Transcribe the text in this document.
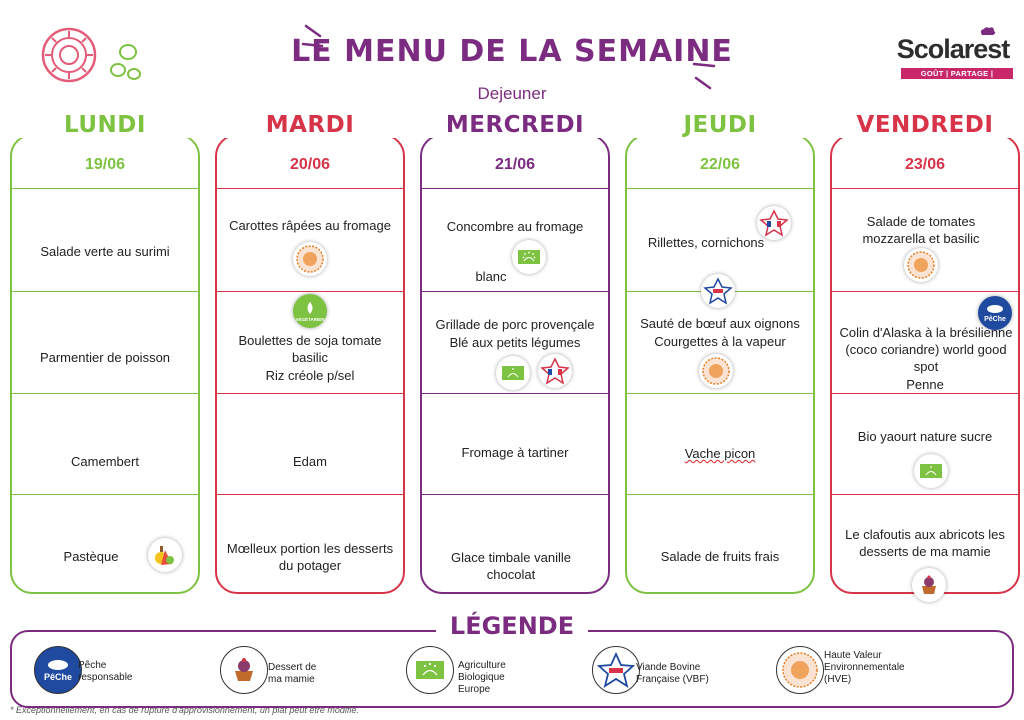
LE MENU DE LA SEMAINE
Dejeuner
Scolarest
GOÛT | PARTAGE | PROXIMITÉ
19/06
Salade verte au surimi
Parmentier de poisson
Camembert
Pastèque
LUNDI
20/06
Carottes râpées au fromage
VÉGÉTARIEN
Boulettes de soja tomate basilic
Riz créole p/sel
Edam
Mœlleux portion les desserts du potager
MARDI
21/06
Concombre au fromage
blanc
Grillade de porc provençale
Blé aux petits légumes
Fromage à tartiner
Glace timbale vanille chocolat
MERCREDI
22/06
Rillettes, cornichons
Sauté de bœuf aux oignons
Courgettes à la vapeur
Vache picon
Salade de fruits frais
JEUDI
23/06
Salade de tomates mozzarella et basilic
PêChe
Colin d'Alaska à la brésilienne (coco coriandre) world good spot
Penne
Bio yaourt nature sucre
Le clafoutis aux abricots les desserts de ma mamie
VENDREDI
LÉGENDE
PêChe
Pêche
responsable
Dessert de
ma mamie
Agriculture
Biologique
Europe
Viande Bovine
Française (VBF)
Haute Valeur
Environnementale
(HVE)
* Exceptionnellement, en cas de rupture d'approvisionnement, un plat peut être modifié.
